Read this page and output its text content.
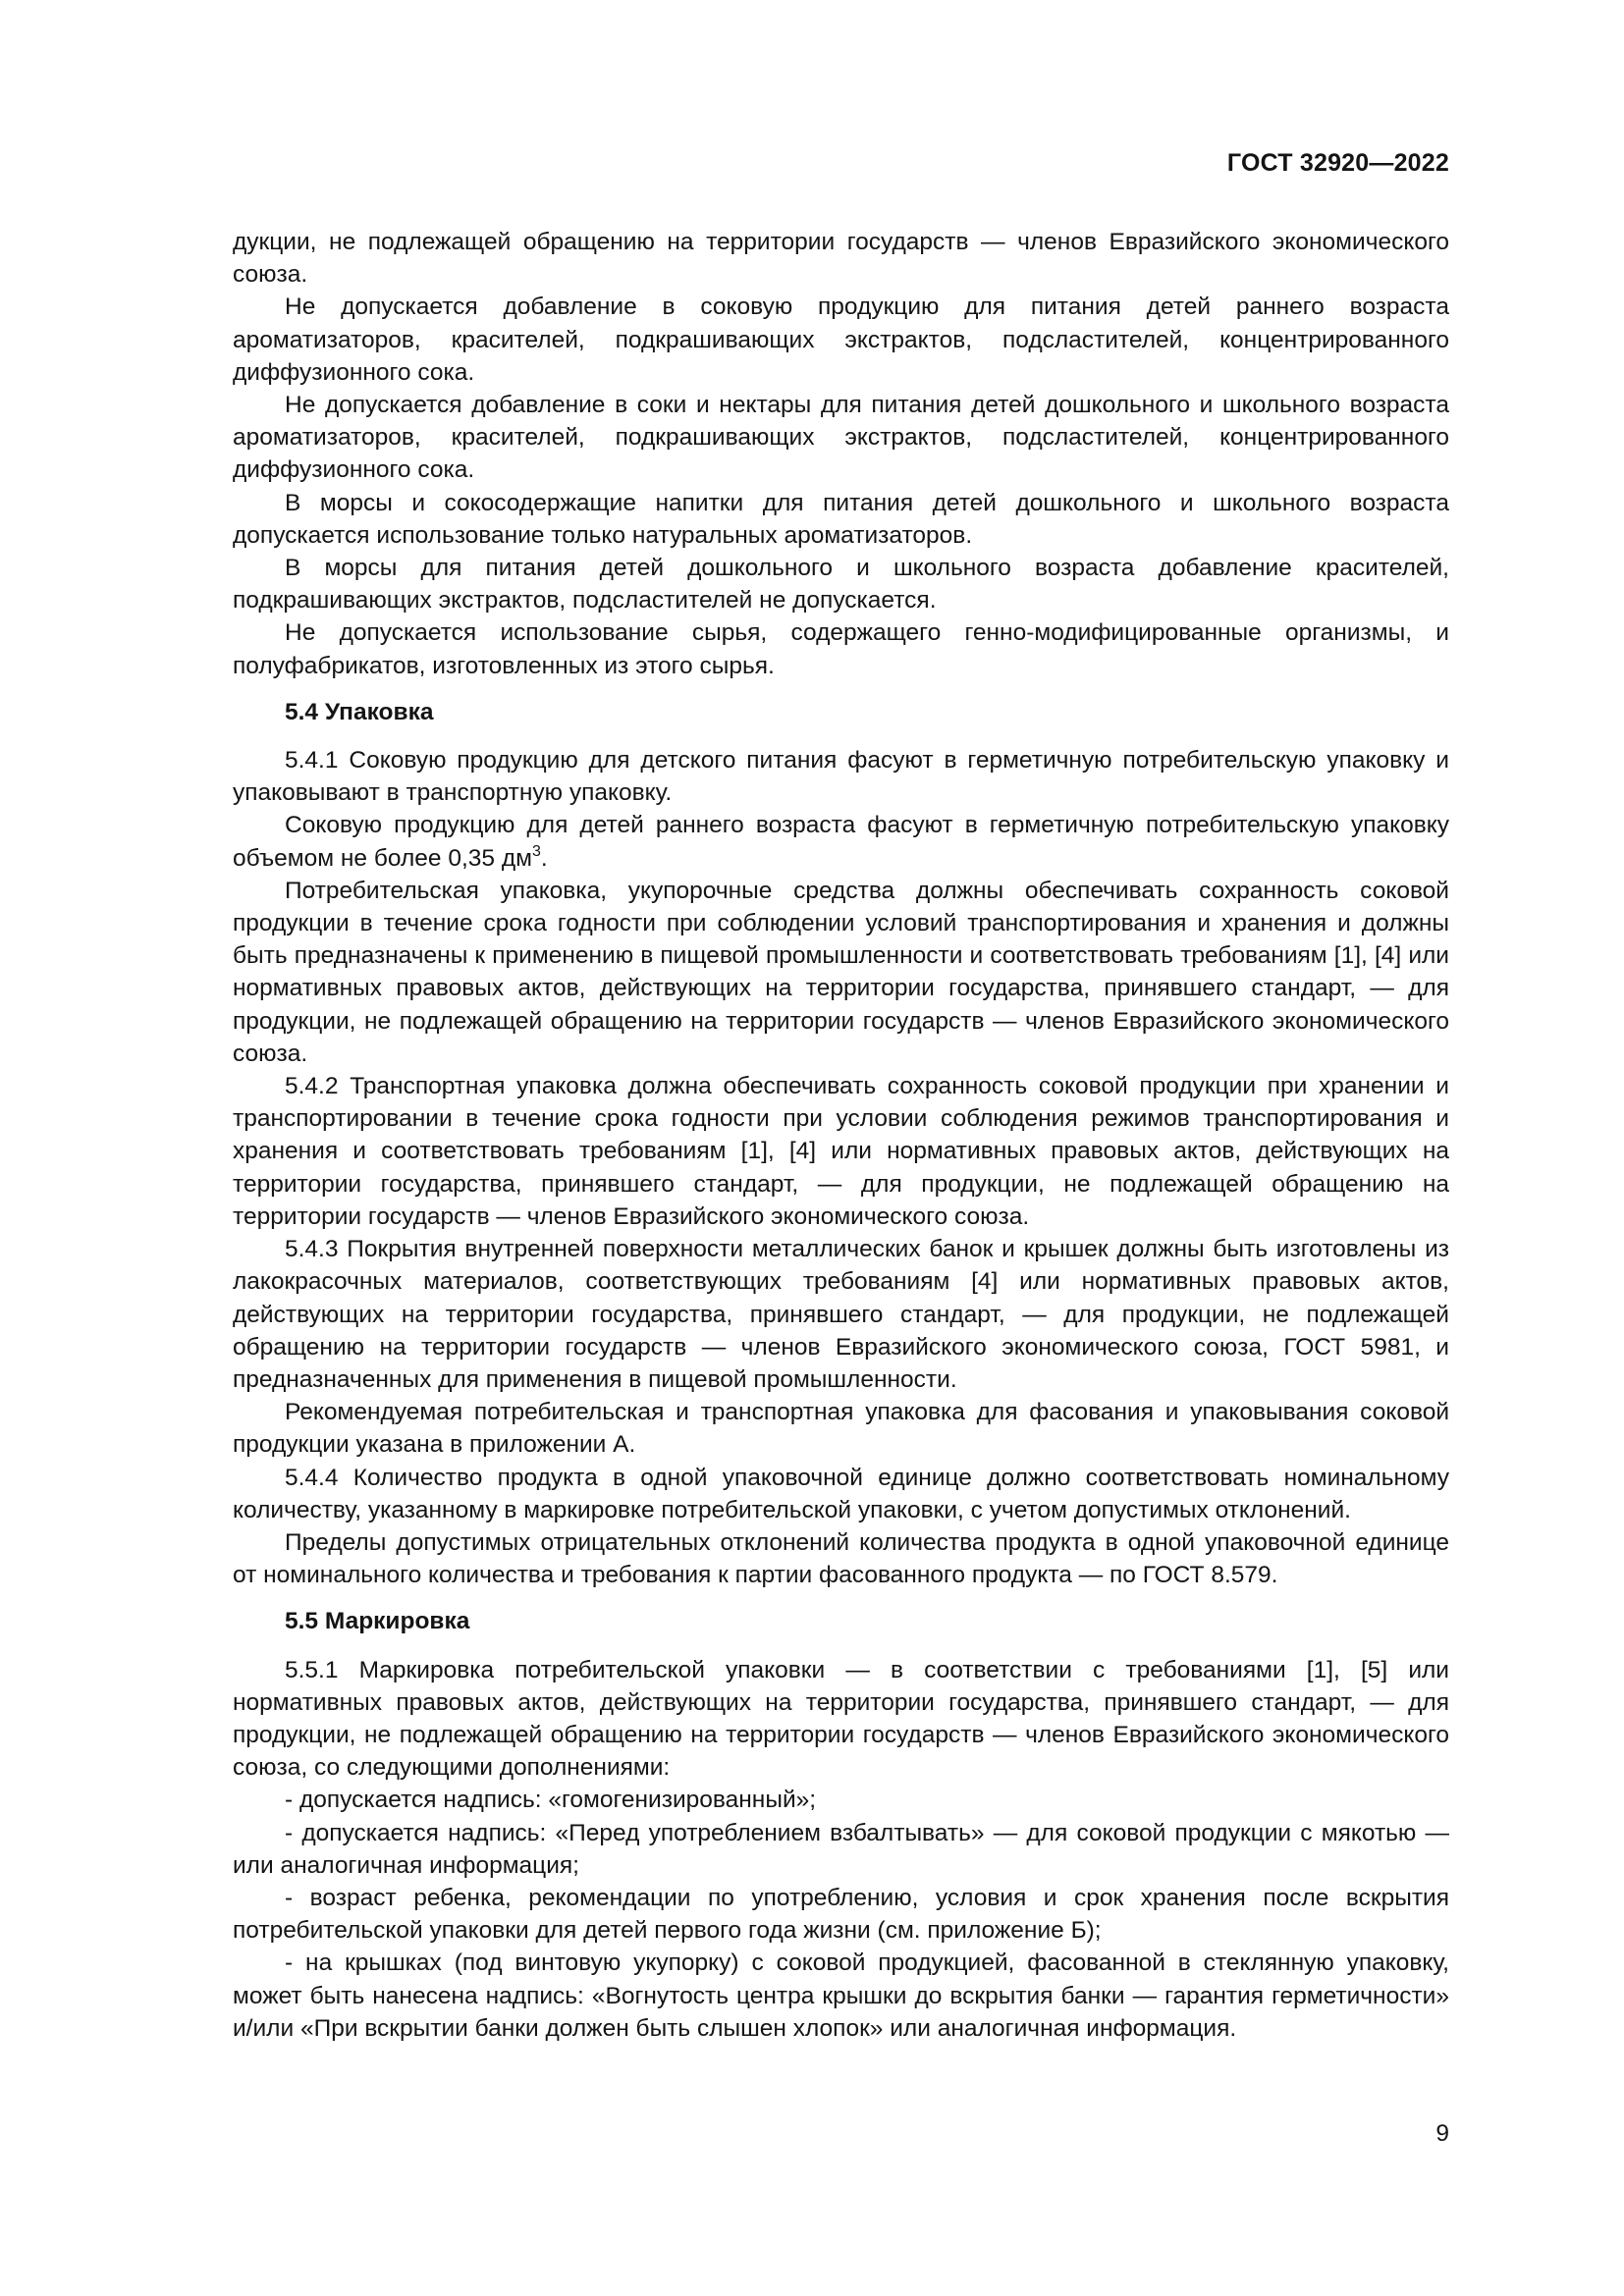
ГОСТ 32920—2022

дукции, не подлежащей обращению на территории государств — членов Евразийского экономического союза.

Не допускается добавление в соковую продукцию для питания детей раннего возраста ароматизаторов, красителей, подкрашивающих экстрактов, подсластителей, концентрированного диффузионного сока.

Не допускается добавление в соки и нектары для питания детей дошкольного и школьного возраста ароматизаторов, красителей, подкрашивающих экстрактов, подсластителей, концентрированного диффузионного сока.

В морсы и сокосодержащие напитки для питания детей дошкольного и школьного возраста допускается использование только натуральных ароматизаторов.

В морсы для питания детей дошкольного и школьного возраста добавление красителей, подкрашивающих экстрактов, подсластителей не допускается.

Не допускается использование сырья, содержащего генно-модифицированные организмы, и полуфабрикатов, изготовленных из этого сырья.

5.4 Упаковка

5.4.1 Соковую продукцию для детского питания фасуют в герметичную потребительскую упаковку и упаковывают в транспортную упаковку.

Соковую продукцию для детей раннего возраста фасуют в герметичную потребительскую упаковку объемом не более 0,35 $дм^3$.

Потребительская упаковка, укупорочные средства должны обеспечивать сохранность соковой продукции в течение срока годности при соблюдении условий транспортирования и хранения и должны быть предназначены к применению в пищевой промышленности и соответствовать требованиям [1], [4] или нормативных правовых актов, действующих на территории государства, принявшего стандарт, — для продукции, не подлежащей обращению на территории государств — членов Евразийского экономического союза.

5.4.2 Транспортная упаковка должна обеспечивать сохранность соковой продукции при хранении и транспортировании в течение срока годности при условии соблюдения режимов транспортирования и хранения и соответствовать требованиям [1], [4] или нормативных правовых актов, действующих на территории государства, принявшего стандарт, — для продукции, не подлежащей обращению на территории государств — членов Евразийского экономического союза.

5.4.3 Покрытия внутренней поверхности металлических банок и крышек должны быть изготовлены из лакокрасочных материалов, соответствующих требованиям [4] или нормативных правовых актов, действующих на территории государства, принявшего стандарт, — для продукции, не подлежащей обращению на территории государств — членов Евразийского экономического союза, ГОСТ 5981, и предназначенных для применения в пищевой промышленности.

Рекомендуемая потребительская и транспортная упаковка для фасования и упаковывания соковой продукции указана в приложении А.

5.4.4 Количество продукта в одной упаковочной единице должно соответствовать номинальному количеству, указанному в маркировке потребительской упаковки, с учетом допустимых отклонений.

Пределы допустимых отрицательных отклонений количества продукта в одной упаковочной единице от номинального количества и требования к партии фасованного продукта — по ГОСТ 8.579.

5.5 Маркировка

5.5.1 Маркировка потребительской упаковки — в соответствии с требованиями [1], [5] или нормативных правовых актов, действующих на территории государства, принявшего стандарт, — для продукции, не подлежащей обращению на территории государств — членов Евразийского экономического союза, со следующими дополнениями:

- допускается надпись: «гомогенизированный»;

- допускается надпись: «Перед употреблением взбалтывать» — для соковой продукции с мякотью — или аналогичная информация;

- возраст ребенка, рекомендации по употреблению, условия и срок хранения после вскрытия потребительской упаковки для детей первого года жизни (см. приложение Б);

- на крышках (под винтовую укупорку) с соковой продукцией, фасованной в стеклянную упаковку, может быть нанесена надпись: «Вогнутость центра крышки до вскрытия банки — гарантия герметичности» и/или «При вскрытии банки должен быть слышен хлопок» или аналогичная информация.

9
